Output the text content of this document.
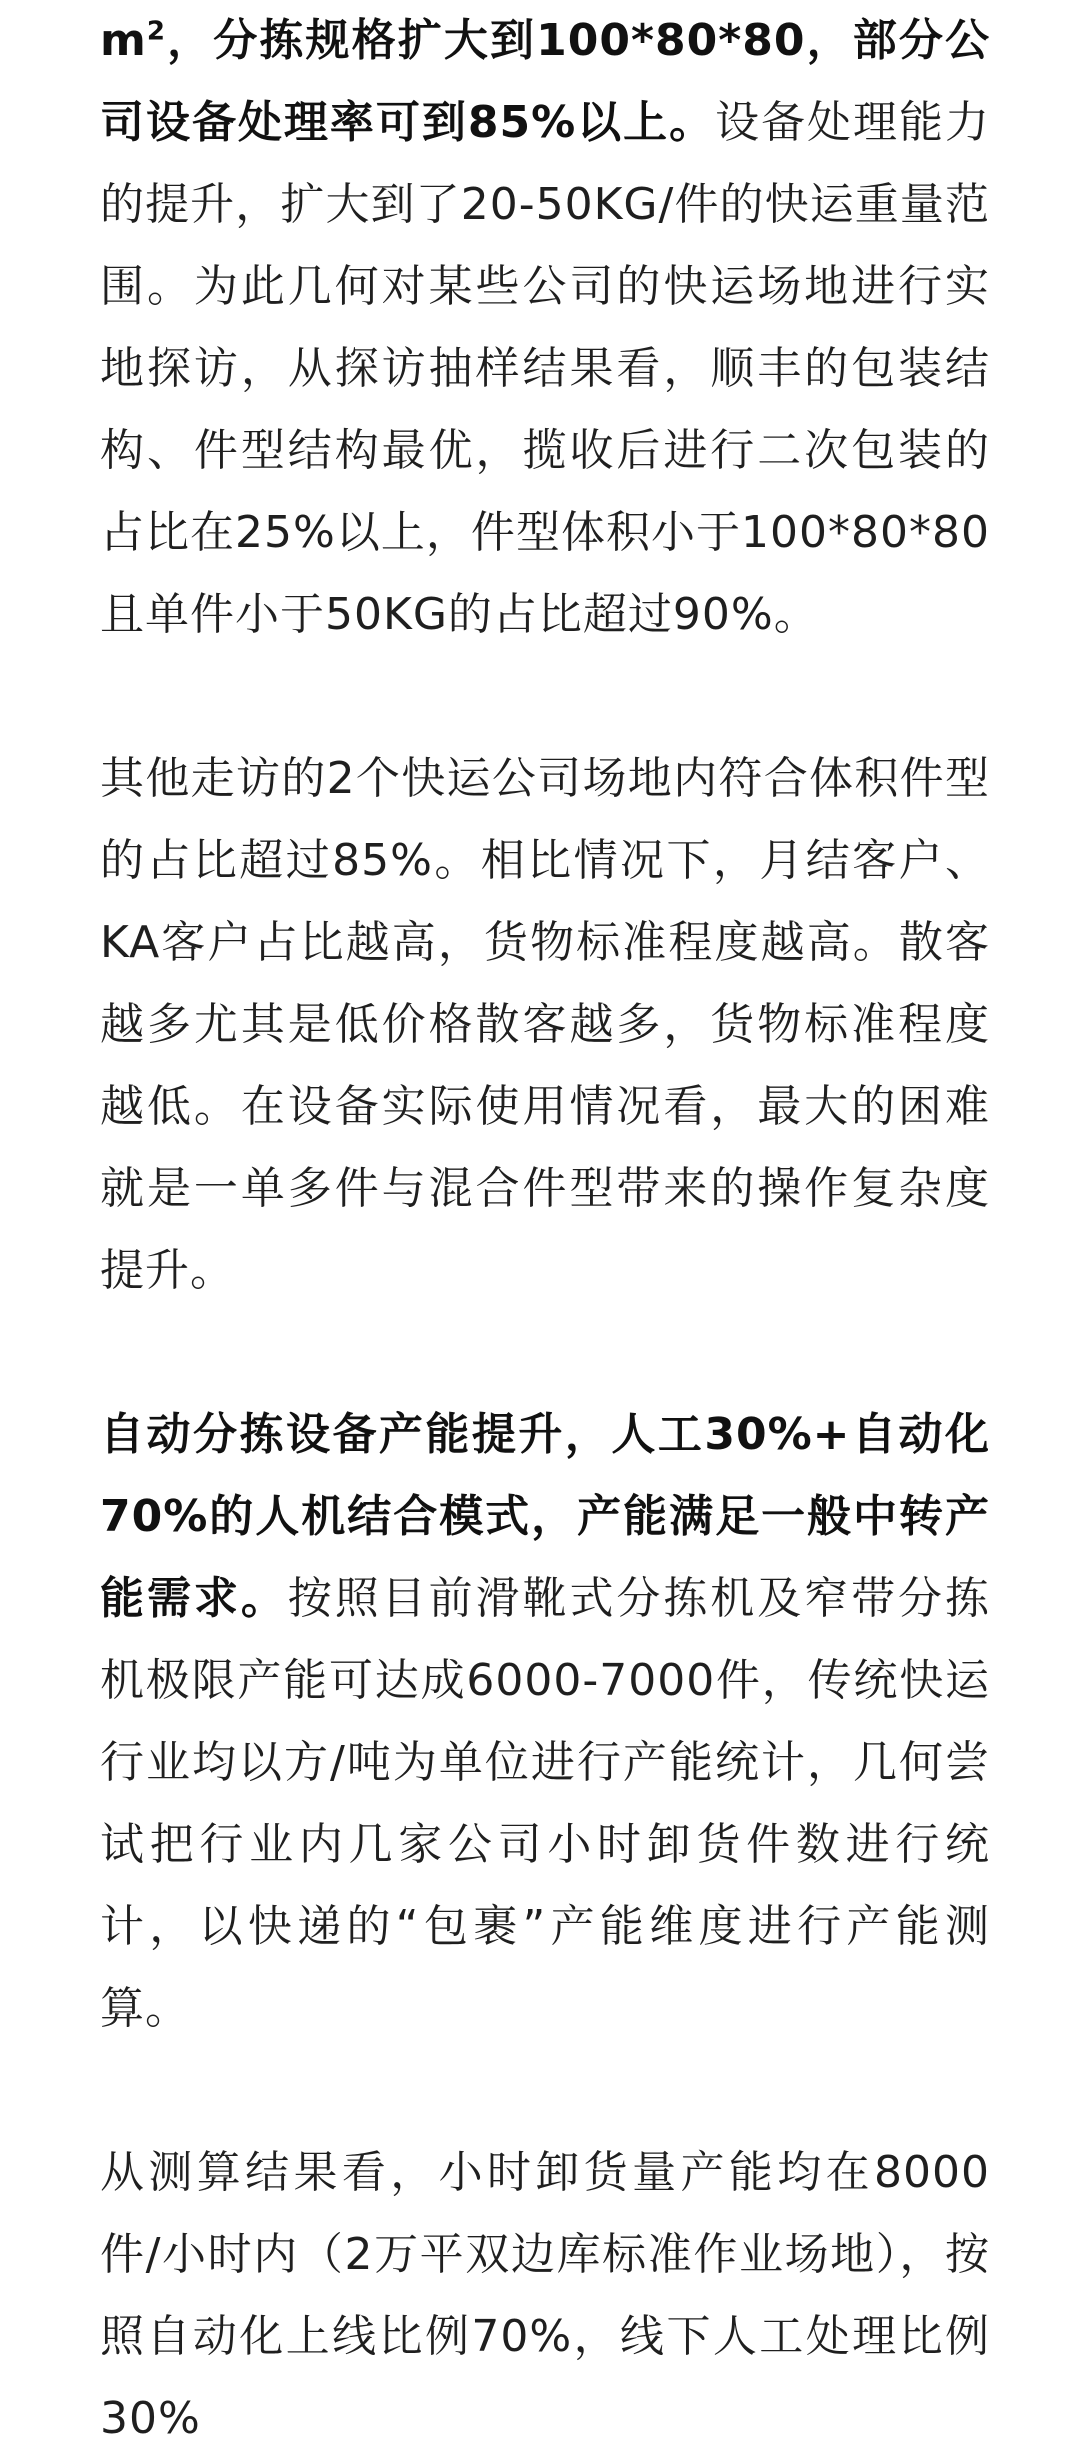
$m^2$，分拣规格扩大到100*80*80，部分公司设备处理率可到85%以上。设备处理能力的提升，扩大到了20-50KG/件的快运重量范围。为此几何对某些公司的快运场地进行实地探访，从探访抽样结果看，顺丰的包装结构、件型结构最优，揽收后进行二次包装的占比在25%以上，件型体积小于100*80*80且单件小于50KG的占比超过90%。

其他走访的2个快运公司场地内符合体积件型的占比超过85%。相比情况下，月结客户、KA客户占比越高，货物标准程度越高。散客越多尤其是低价格散客越多，货物标准程度越低。在设备实际使用情况看，最大的困难就是一单多件与混合件型带来的操作复杂度提升。

自动分拣设备产能提升，人工30%+自动化70%的人机结合模式，产能满足一般中转产能需求。按照目前滑靴式分拣机及窄带分拣机极限产能可达成6000-7000件，传统快运行业均以方/吨为单位进行产能统计，几何尝试把行业内几家公司小时卸货件数进行统计，以快递的“包裹”产能维度进行产能测算。

从测算结果看，小时卸货量产能均在8000件/小时内（2万平双边库标准作业场地），按照自动化上线比例70%，线下人工处理比例30%
